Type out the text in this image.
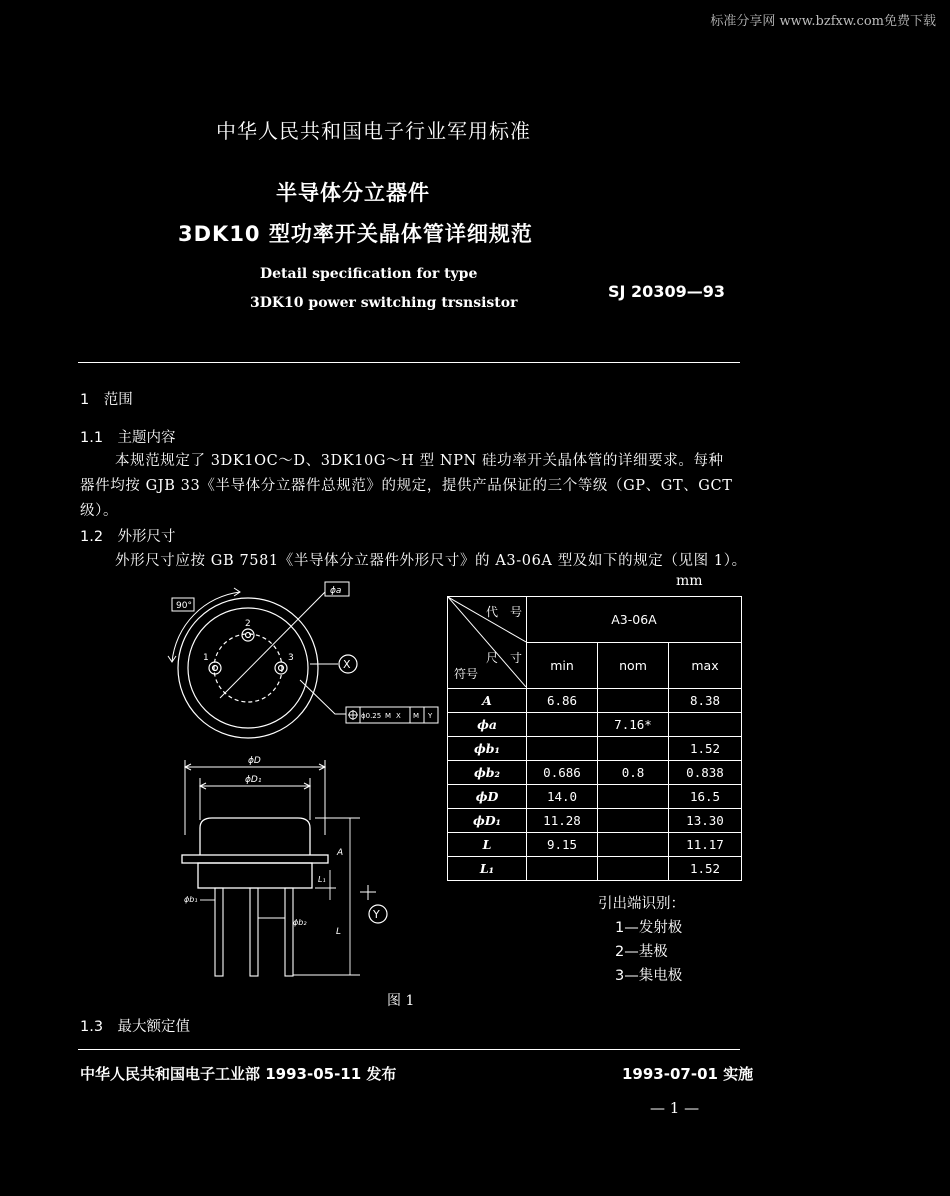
标准分享网 www.bzfxw.com免费下载
中华人民共和国电子行业军用标准
半导体分立器件
3DK10 型功率开关晶体管详细规范
Detail specification for type
3DK10 power switching trsnsistor
SJ 20309—93
1　范围
1.1　主题内容
本规范规定了 3DK1OC～D、3DK10G～H 型 NPN 硅功率开关晶体管的详细要求。每种
器件均按 GJB 33《半导体分立器件总规范》的规定，提供产品保证的三个等级（GP、GT、GCT
级）。
1.2　外形尺寸
外形尺寸应按 GB 7581《半导体分立器件外形尺寸》的 A3-06A 型及如下的规定（见图 1）。
mm
90°
ϕa
1
2
3	X
ϕ0.25 M X M Y
ϕD
ϕD₁
A
L
L₁
ϕb₁
ϕb₂
Y
图 1
代　号
尺　寸
符号	A3-06A		
	min	nom	max
A	6.86		8.38
ϕa		7.16*	
ϕb₁			1.52
ϕb₂	0.686	0.8	0.838
ϕD	14.0		16.5
ϕD₁	11.28		13.30
L	9.15		11.17
L₁			1.52
引出端识别：
1—发射极
2—基极
3—集电极
1.3　最大额定值
中华人民共和国电子工业部 1993-05-11 发布	1993-07-01 实施
— 1 —
